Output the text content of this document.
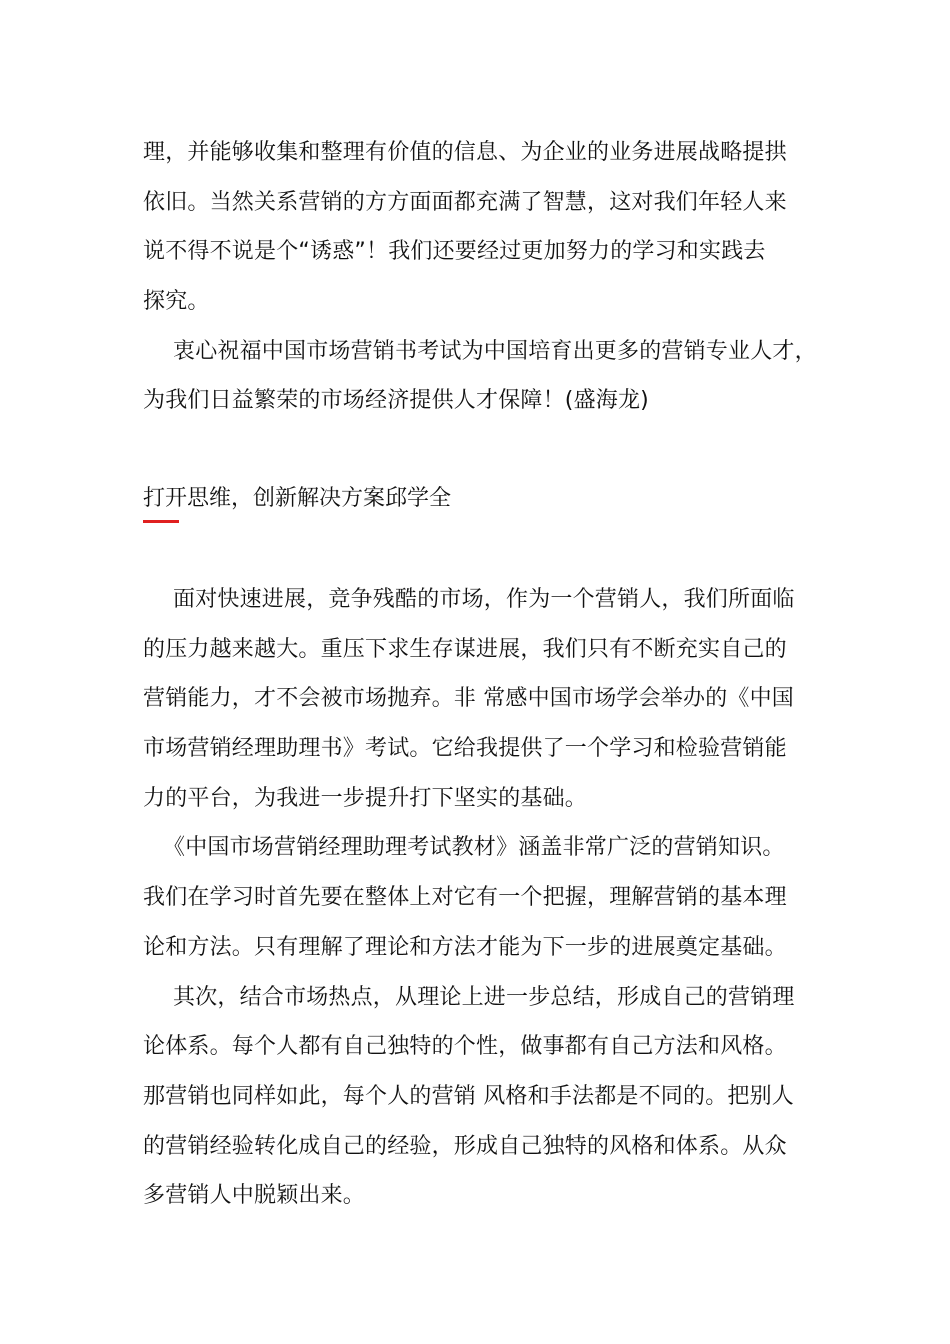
理，并能够收集和整理有价值的信息、为企业的业务进展战略提拱
依旧。当然关系营销的方方面面都充满了智慧，这对我们年轻人来
说不得不说是个“诱惑”！我们还要经过更加努力的学习和实践去
探究。
衷心祝福中国市场营销书考试为中国培育出更多的营销专业人才，
为我们日益繁荣的市场经济提供人才保障！(盛海龙)
打开思维，创新解决方案邱学全
面对快速进展，竞争残酷的市场，作为一个营销人，我们所面临
的压力越来越大。重压下求生存谋进展，我们只有不断充实自己的
营销能力，才不会被市场抛弃。非 常感中国市场学会举办的《中国
市场营销经理助理书》考试。它给我提供了一个学习和检验营销能
力的平台，为我进一步提升打下坚实的基础。
《中国市场营销经理助理考试教材》涵盖非常广泛的营销知识。
我们在学习时首先要在整体上对它有一个把握，理解营销的基本理
论和方法。只有理解了理论和方法才能为下一步的进展奠定基础。
其次，结合市场热点，从理论上进一步总结，形成自己的营销理
论体系。每个人都有自己独特的个性，做事都有自己方法和风格。
那营销也同样如此，每个人的营销 风格和手法都是不同的。把别人
的营销经验转化成自己的经验，形成自己独特的风格和体系。从众
多营销人中脱颖出来。
